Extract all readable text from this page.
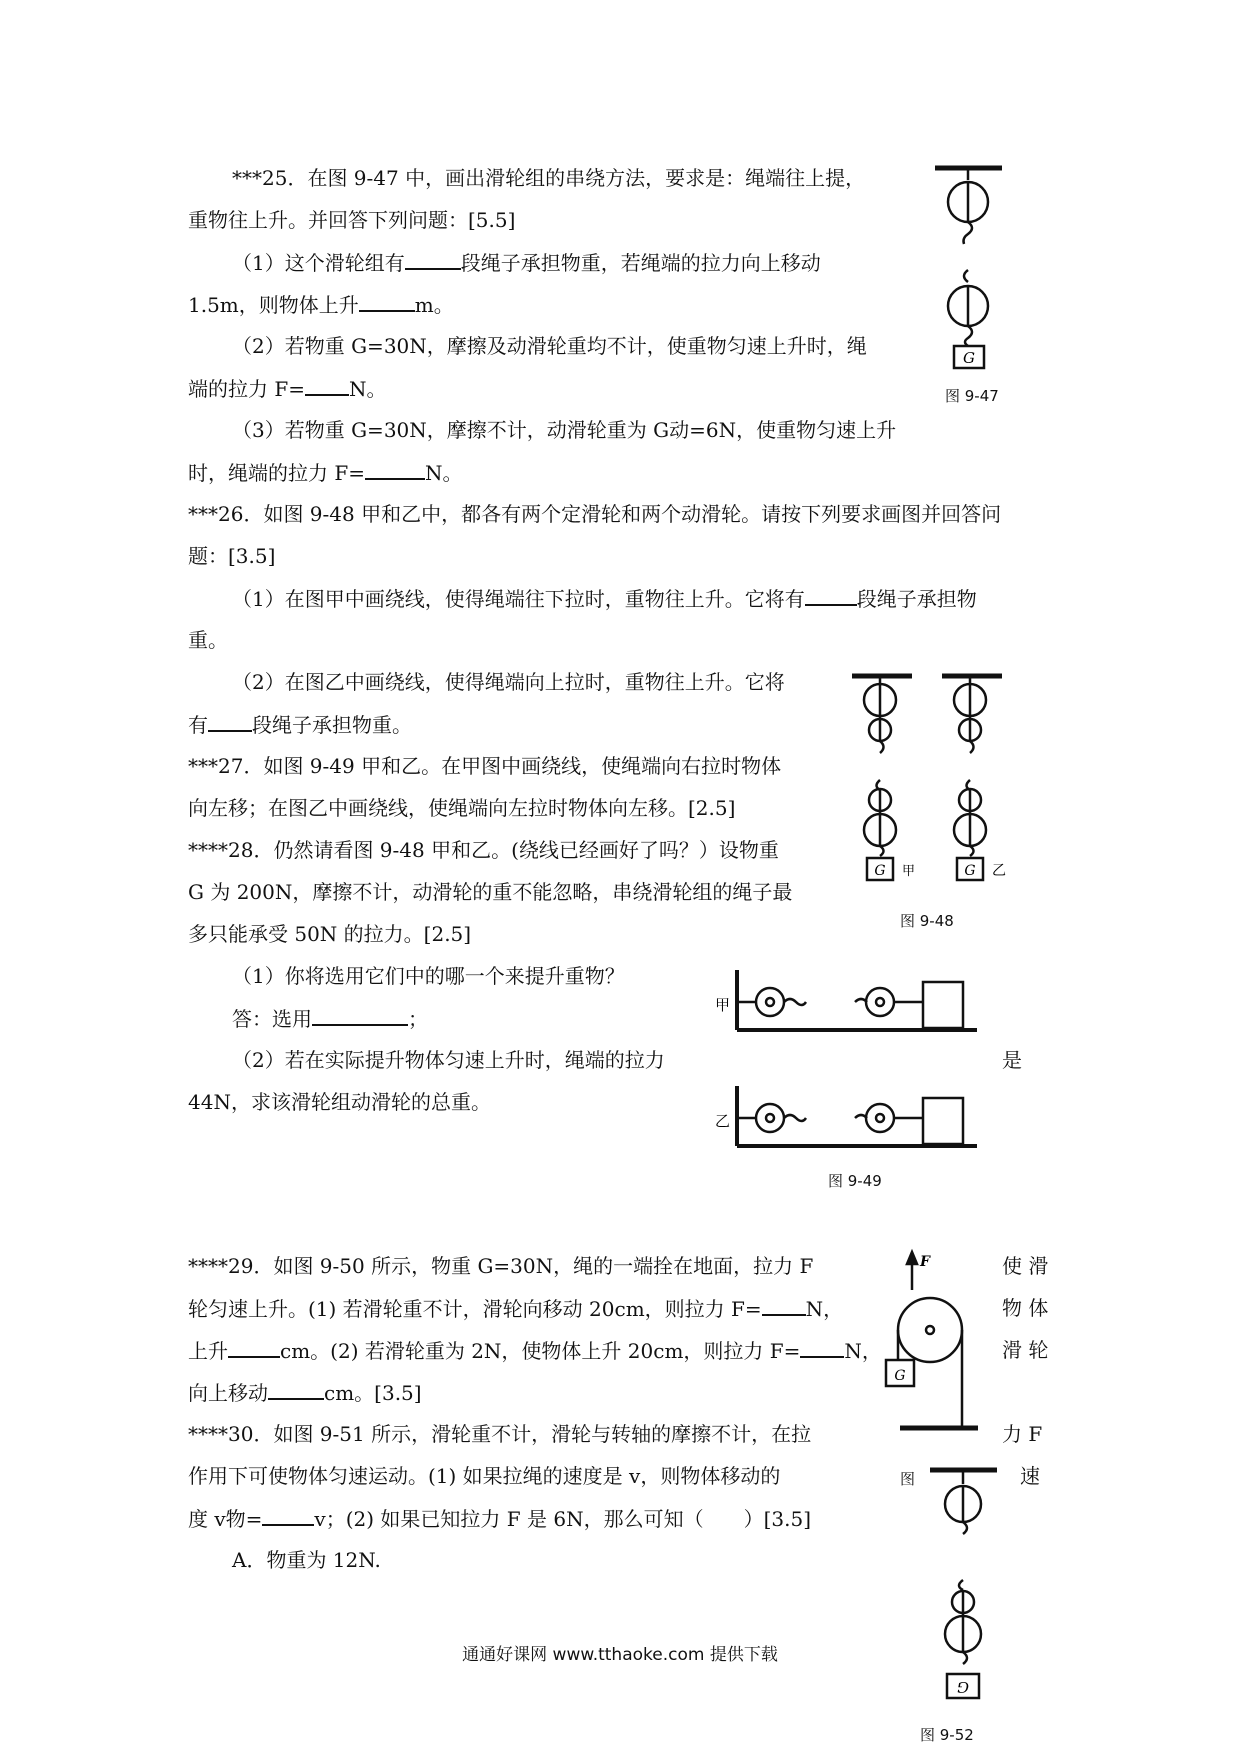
***25．在图 9-47 中，画出滑轮组的串绕方法，要求是：绳端往上提，
重物往上升。并回答下列问题：[5.5]
（1）这个滑轮组有	段绳子承担物重，若绳端的拉力向上移动
1.5m，则物体上升	m。
（2）若物重 G=30N，摩擦及动滑轮重均不计，使重物匀速上升时，绳
端的拉力 F= N。
（3）若物重 G=30N，摩擦不计，动滑轮重为 G动=6N，使重物匀速上升
时，绳端的拉力 F=	N。
G
图 9-47
***26．如图 9-48 甲和乙中，都各有两个定滑轮和两个动滑轮。请按下列要求画图并回答问
题：[3.5]
（1）在图甲中画绕线，使得绳端往下拉时，重物往上升。它将有	段绳子承担物
重。
（2）在图乙中画绕线，使得绳端向上拉时，重物往上升。它将
有 段绳子承担物重。
G 甲	G 乙
图 9-48
***27．如图 9-49 甲和乙。在甲图中画绕线，使绳端向右拉时物体
向左移；在图乙中画绕线，使绳端向左拉时物体向左移。[2.5]
****28．仍然请看图 9-48 甲和乙。(绕线已经画好了吗？）设物重
G 为 200N，摩擦不计，动滑轮的重不能忽略，串绕滑轮组的绳子最
多只能承受 50N 的拉力。[2.5]
（1）你将选用它们中的哪一个来提升重物？
答：选用	；
（2）若在实际提升物体匀速上升时，绳端的拉力	是
44N，求该滑轮组动滑轮的总重。
甲
乙
图 9-49
****29．如图 9-50 所示，物重 G=30N，绳的一端拴在地面，拉力 F
轮匀速上升。(1) 若滑轮重不计，滑轮向移动 20cm，则拉力 F= N，
上升	cm。(2) 若滑轮重为 2N，使物体上升 20cm，则拉力 F= N，
向上移动	cm。[3.5]
使 滑
物 体
滑 轮
F
G
****30．如图 9-51 所示，滑轮重不计，滑轮与转轴的摩擦不计，在拉
作用下可使物体匀速运动。(1) 如果拉绳的速度是 v，则物体移动的
度 v物=	v；(2) 如果已知拉力 F 是 6N，那么可知（　　）[3.5]
A．物重为 12N.
力 F
速
图
G
图 9-52
通通好课网 www.tthaoke.com 提供下载
